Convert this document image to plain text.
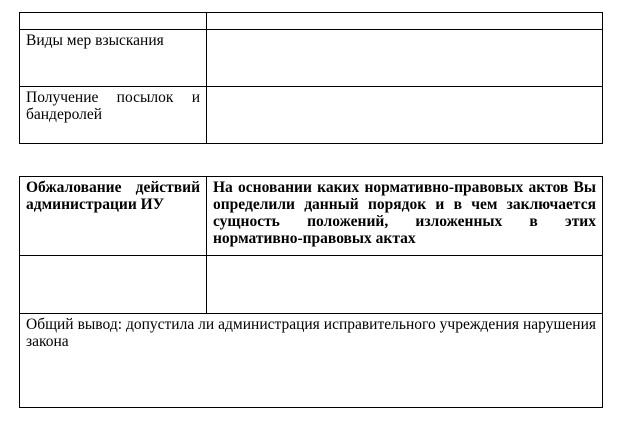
Виды мер взыскания	

Получение посылок и бандеролей	

Обжалование действий администрации ИУ	На основании каких нормативно-правовых актов Вы определили данный порядок и в чем заключается сущность положений, изложенных в этих нормативно-правовых актах

Общий вывод: допустила ли администрация исправительного учреждения нарушения закона	
